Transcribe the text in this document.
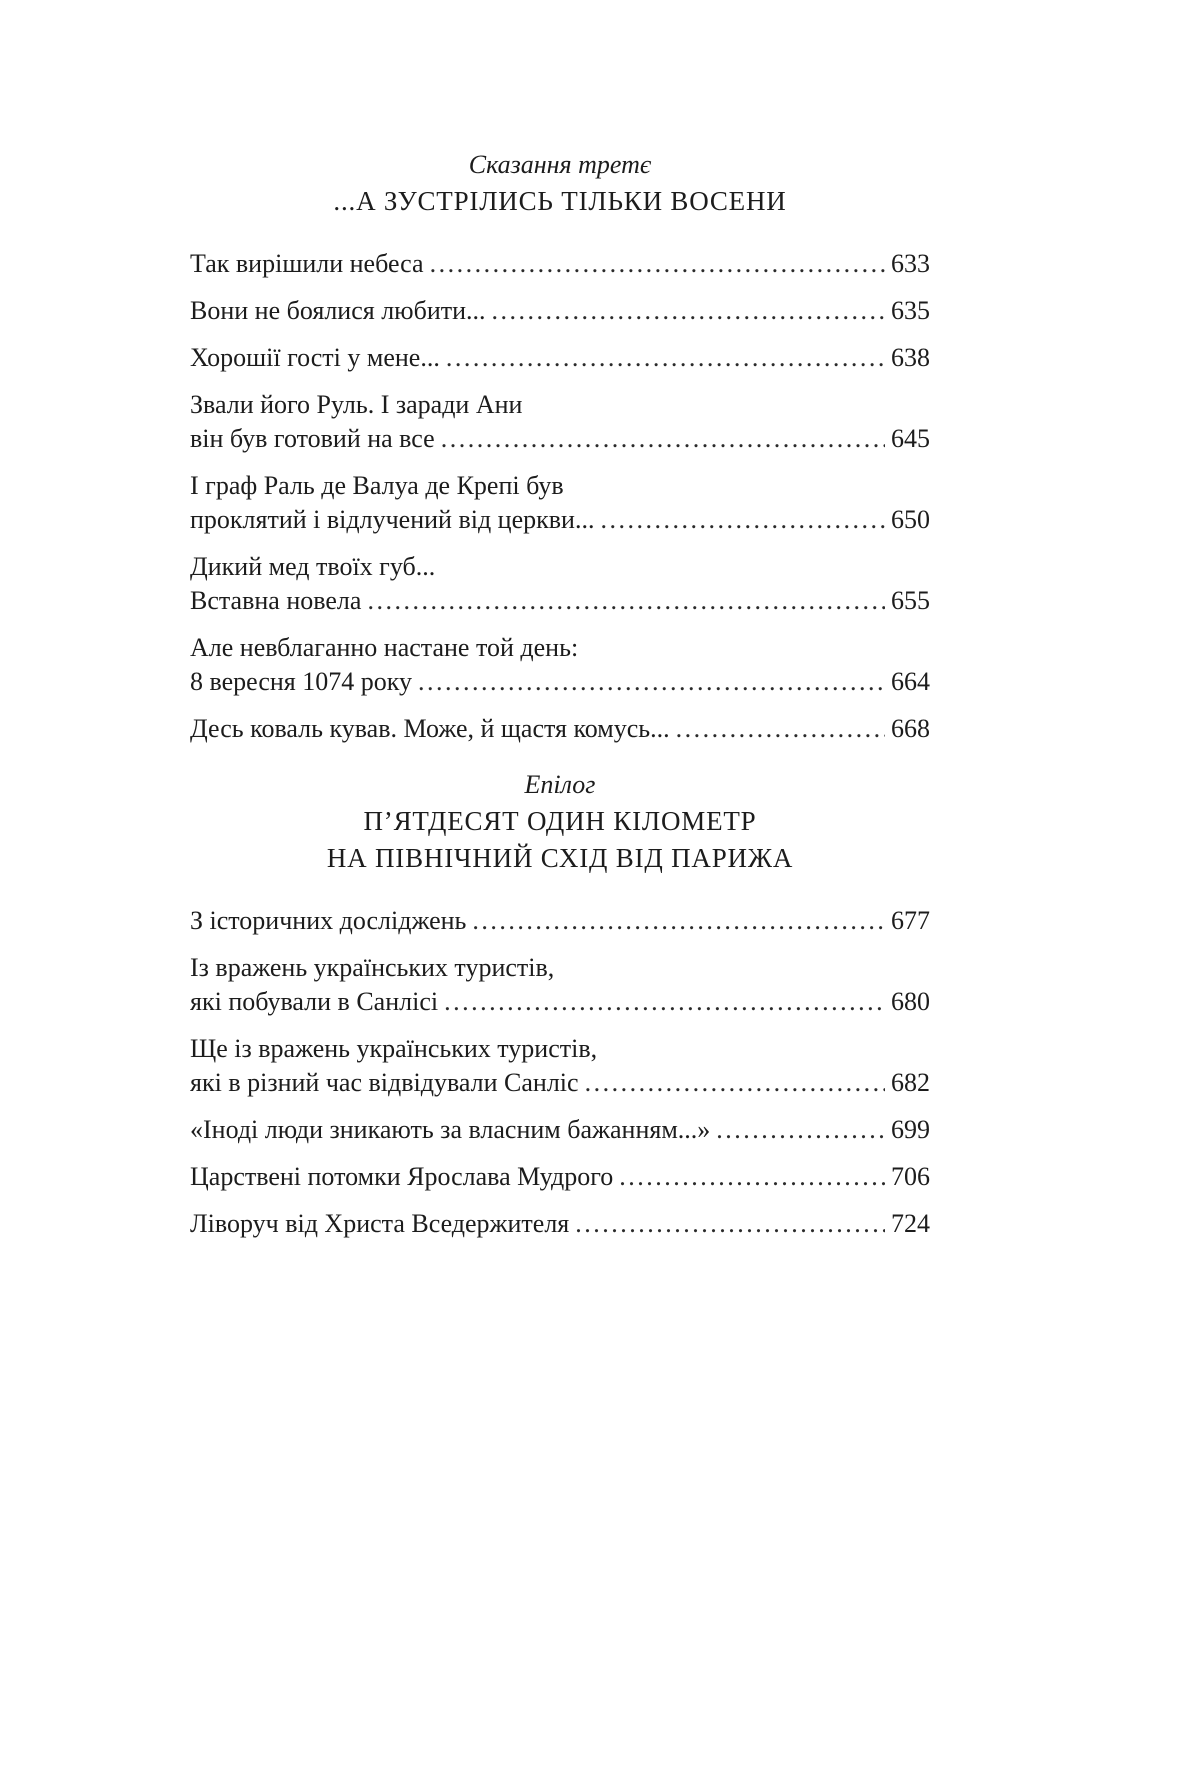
Сказання третє
...А ЗУСТРІЛИСЬ ТІЛЬКИ ВОСЕНИ
Так вирішили небеса .....	633
Вони не боялися любити... .....	635
Хорошії гості у мене... .....	638
Звали його Руль. І заради Ани
він був готовий на все .....	645
І граф Раль де Валуа де Крепі був
проклятий і відлучений від церкви... .....	650
Дикий мед твоїх губ...
Вставна новела .....	655
Але невблаганно настане той день:
8 вересня 1074 року .....	664
Десь коваль кував. Може, й щастя комусь... .....	668
Епілог
П’ЯТДЕСЯТ ОДИН КІЛОМЕТР
НА ПІВНІЧНИЙ СХІД ВІД ПАРИЖА
З історичних досліджень .....	677
Із вражень українських туристів,
які побували в Санлісі .....	680
Ще із вражень українських туристів,
які в різний час відвідували Санліс .....	682
«Іноді люди зникають за власним бажанням...» .....	699
Царствені потомки Ярослава Мудрого .....	706
Ліворуч від Христа Вседержителя .....	724
